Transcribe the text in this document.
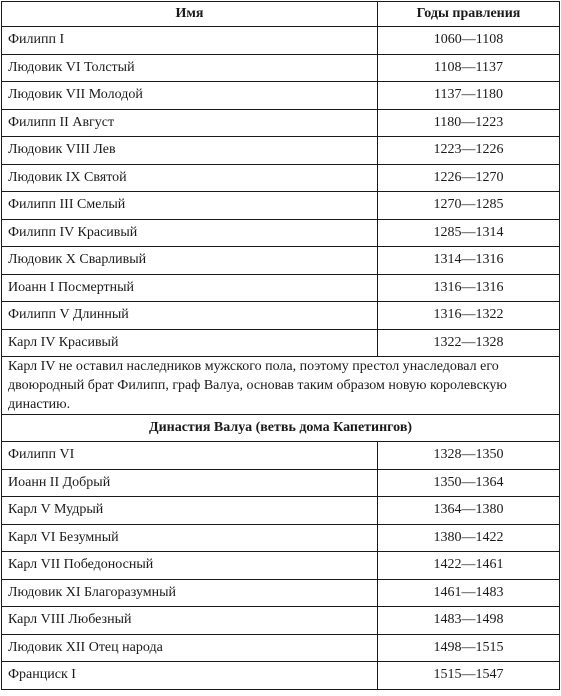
Имя	Годы правления
Филипп I	1060—1108
Людовик VI Толстый	1108—1137
Людовик VII Молодой	1137—1180
Филипп II Август	1180—1223
Людовик VIII Лев	1223—1226
Людовик IX Святой	1226—1270
Филипп III Смелый	1270—1285
Филипп IV Красивый	1285—1314
Людовик X Сварливый	1314—1316
Иоанн I Посмертный	1316—1316
Филипп V Длинный	1316—1322
Карл IV Красивый	1322—1328
Карл IV не оставил наследников мужского пола, поэтому престол унаследовал его двоюродный брат Филипп, граф Валуа, основав таким образом новую королевскую династию.	
Династия Валуа (ветвь дома Капетингов)	
Филипп VI	1328—1350
Иоанн II Добрый	1350—1364
Карл V Мудрый	1364—1380
Карл VI Безумный	1380—1422
Карл VII Победоносный	1422—1461
Людовик XI Благоразумный	1461—1483
Карл VIII Любезный	1483—1498
Людовик XII Отец народа	1498—1515
Франциск I	1515—1547
